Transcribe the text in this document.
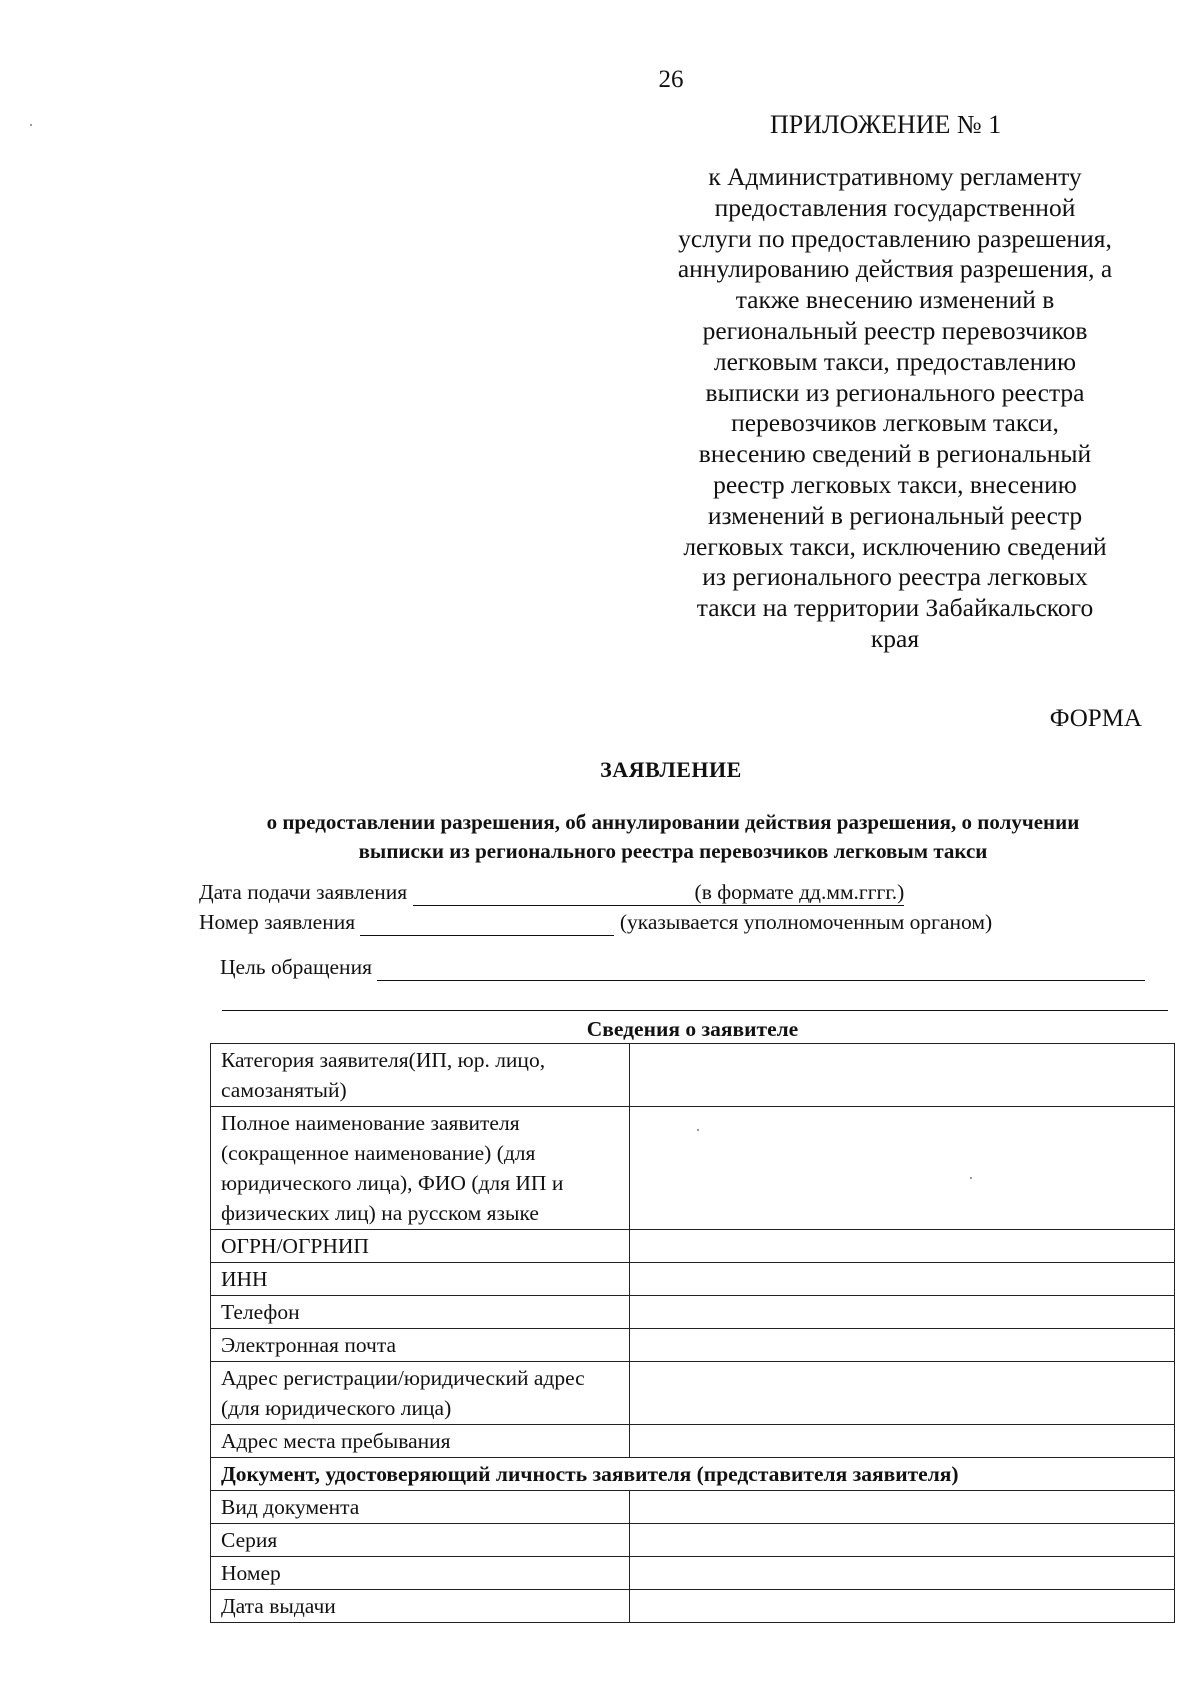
26
ПРИЛОЖЕНИЕ № 1
к Административному регламенту
предоставления государственной
услуги по предоставлению разрешения,
аннулированию действия разрешения, а
также внесению изменений в
региональный реестр перевозчиков
легковым такси, предоставлению
выписки из регионального реестра
перевозчиков легковым такси,
внесению сведений в региональный
реестр легковых такси, внесению
изменений в региональный реестр
легковых такси, исключению сведений
из регионального реестра легковых
такси на территории Забайкальского
края
ФОРМА
ЗАЯВЛЕНИЕ
о предоставлении разрешения, об аннулировании действия разрешения, о получении
выписки из регионального реестра перевозчиков легковым такси
Дата подачи заявления	(в формате дд.мм.гггг.)
Номер заявления	(указывается уполномоченным органом)
Цель обращения
Сведения о заявителе	
Категория заявителя(ИП, юр. лицо, самозанятый)	
Полное наименование заявителя (сокращенное наименование) (для юридического лица), ФИО (для ИП и физических лиц) на русском языке	
ОГРН/ОГРНИП	
ИНН	
Телефон	
Электронная почта	
Адрес регистрации/юридический адрес (для юридического лица)	
Адрес места пребывания	
Документ, удостоверяющий личность заявителя (представителя заявителя)	
Вид документа	
Серия	
Номер	
Дата выдачи	
